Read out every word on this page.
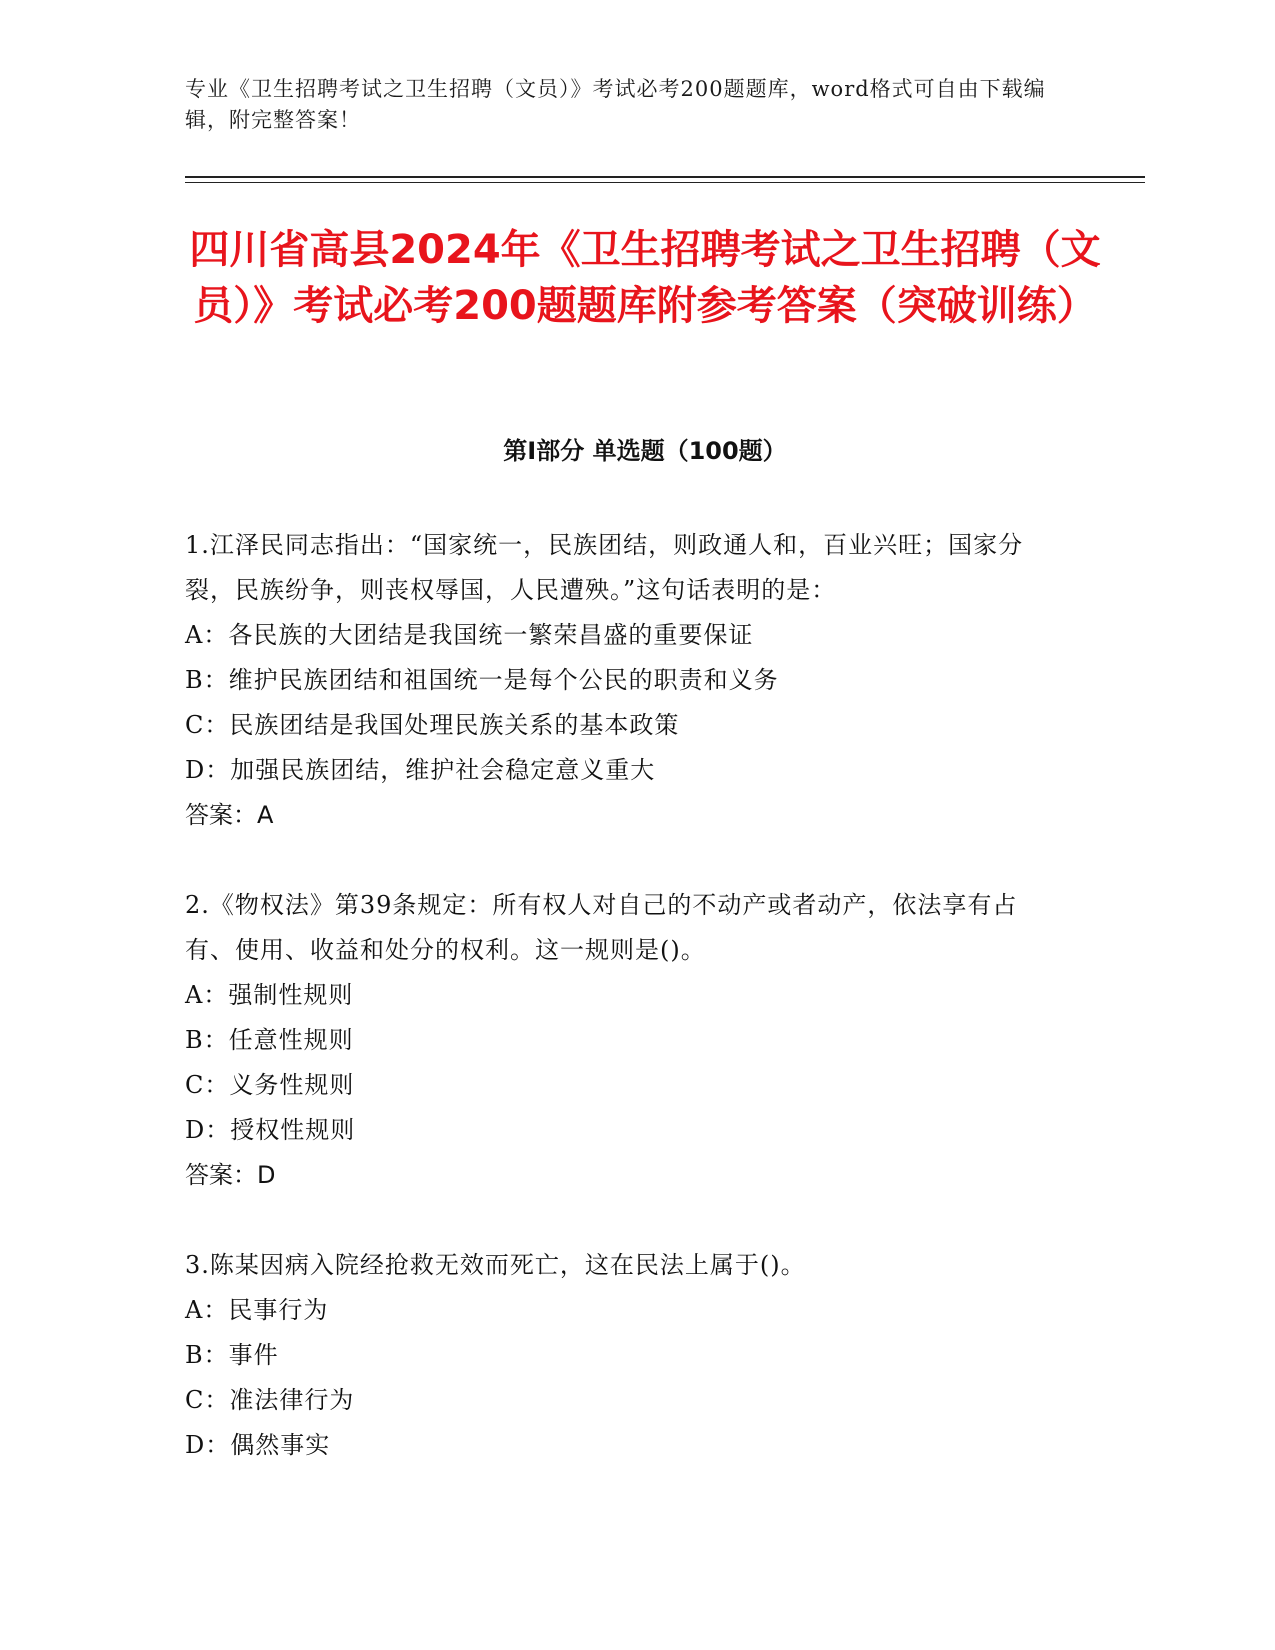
专业《卫生招聘考试之卫生招聘（文员）》考试必考200题题库，word格式可自由下载编辑，附完整答案！
四川省高县2024年《卫生招聘考试之卫生招聘（文员）》考试必考200题题库附参考答案（突破训练）
第Ⅰ部分 单选题（100题）

1.江泽民同志指出：“国家统一，民族团结，则政通人和，百业兴旺；国家分裂，民族纷争，则丧权辱国，人民遭殃。”这句话表明的是：

A：各民族的大团结是我国统一繁荣昌盛的重要保证

B：维护民族团结和祖国统一是每个公民的职责和义务

C：民族团结是我国处理民族关系的基本政策

D：加强民族团结，维护社会稳定意义重大

答案：A

2.《物权法》第39条规定：所有权人对自己的不动产或者动产，依法享有占有、使用、收益和处分的权利。这一规则是()。

A：强制性规则

B：任意性规则

C：义务性规则

D：授权性规则

答案：D

3.陈某因病入院经抢救无效而死亡，这在民法上属于()。

A：民事行为

B：事件

C：准法律行为

D：偶然事实
